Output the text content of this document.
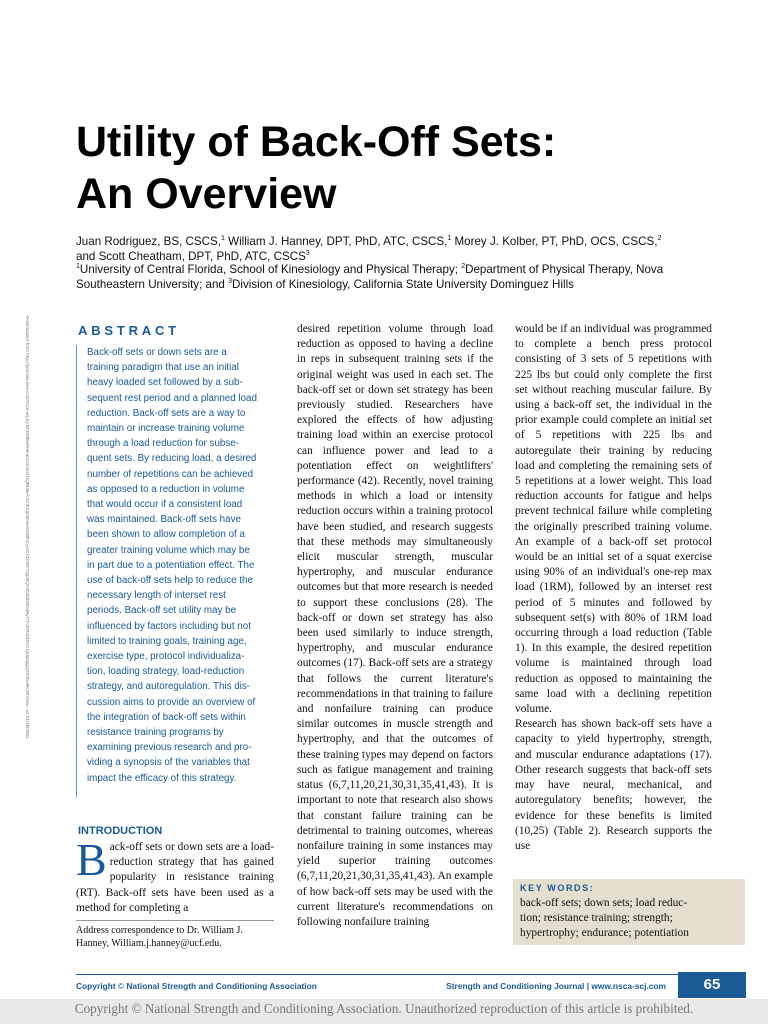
Utility of Back-Off Sets:
An Overview
Juan Rodriguez, BS, CSCS,$^1$ William J. Hanney, DPT, PhD, ATC, CSCS,$^1$ Morey J. Kolber, PT, PhD, OCS, CSCS,$^2$
and Scott Cheatham, DPT, PhD, ATC, CSCS$^3$
$^1$University of Central Florida, School of Kinesiology and Physical Therapy; $^2$Department of Physical Therapy, Nova
Southeastern University; and $^3$Division of Kinesiology, California State University Dominguez Hills
Downloaded from http://journals.lww.com/nsca-scj by BhDMf5ePHKav1zEoum1tQfN4a+kJLhEZgbsIHo4XMi0hCywCX1AWnYQp/IlQrHD3i3D0OdRyi7TvSFl4Cf3VC1y0abggQZXdtwnfKZBYtws= on 01/18/2022	ABSTRACT
Back-off sets or down sets are a
training paradigm that use an initial
heavy loaded set followed by a sub-
sequent rest period and a planned load
reduction. Back-off sets are a way to
maintain or increase training volume
through a load reduction for subse-
quent sets. By reducing load, a desired
number of repetitions can be achieved
as opposed to a reduction in volume
that would occur if a consistent load
was maintained. Back-off sets have
been shown to allow completion of a
greater training volume which may be
in part due to a potentiation effect. The
use of back-off sets help to reduce the
necessary length of interset rest
periods. Back-off set utility may be
influenced by factors including but not
limited to training goals, training age,
exercise type, protocol individualiza-
tion, loading strategy, load-reduction
strategy, and autoregulation. This dis-
cussion aims to provide an overview of
the integration of back-off sets within
resistance training programs by
examining previous research and pro-
viding a synopsis of the variables that
impact the efficacy of this strategy.
INTRODUCTION
Back-off sets or down sets are a load-reduction strategy that has gained popularity in resistance training (RT). Back-off sets have been used as a method for completing a
Address correspondence to Dr. William J. Hanney, William.j.hanney@ucf.edu.
desired repetition volume through load reduction as opposed to having a decline in reps in subsequent training sets if the original weight was used in each set. The back-off set or down set strategy has been previously studied. Researchers have explored the effects of how adjusting training load within an exercise protocol can influence power and lead to a potentiation effect on weightlifters' performance (42). Recently, novel training methods in which a load or intensity reduction occurs within a training protocol have been studied, and research suggests that these methods may simultaneously elicit muscular strength, muscular hypertrophy, and muscular endurance outcomes but that more research is needed to support these conclusions (28). The back-off or down set strategy has also been used similarly to induce strength, hypertrophy, and muscular endurance outcomes (17). Back-off sets are a strategy that follows the current literature's recommendations in that training to failure and nonfailure training can produce similar outcomes in muscle strength and hypertrophy, and that the outcomes of these training types may depend on factors such as fatigue management and training status (6,7,11,20,21,30,31,35,41,43). It is important to note that research also shows that constant failure training can be detrimental to training outcomes, whereas nonfailure training in some instances may yield superior training outcomes (6,7,11,20,21,30,31,35,41,43). An example of how back-off sets may be used with the current literature's recommendations on following nonfailure training
would be if an individual was programmed to complete a bench press protocol consisting of 3 sets of 5 repetitions with 225 lbs but could only complete the first set without reaching muscular failure. By using a back-off set, the individual in the prior example could complete an initial set of 5 repetitions with 225 lbs and autoregulate their training by reducing load and completing the remaining sets of 5 repetitions at a lower weight. This load reduction accounts for fatigue and helps prevent technical failure while completing the originally prescribed training volume. An example of a back-off set protocol would be an initial set of a squat exercise using 90% of an individual's one-rep max load (1RM), followed by an interset rest period of 5 minutes and followed by subsequent set(s) with 80% of 1RM load occurring through a load reduction (Table 1). In this example, the desired repetition volume is maintained through load reduction as opposed to maintaining the same load with a declining repetition volume.
Research has shown back-off sets have a capacity to yield hypertrophy, strength, and muscular endurance adaptations (17). Other research suggests that back-off sets may have neural, mechanical, and autoregulatory benefits; however, the evidence for these benefits is limited (10,25) (Table 2). Research supports the use
KEY WORDS:
back-off sets; down sets; load reduc-
tion; resistance training; strength;
hypertrophy; endurance; potentiation
Copyright © National Strength and Conditioning Association	Strength and Conditioning Journal | www.nsca-scj.com	65
Copyright © National Strength and Conditioning Association. Unauthorized reproduction of this article is prohibited.
